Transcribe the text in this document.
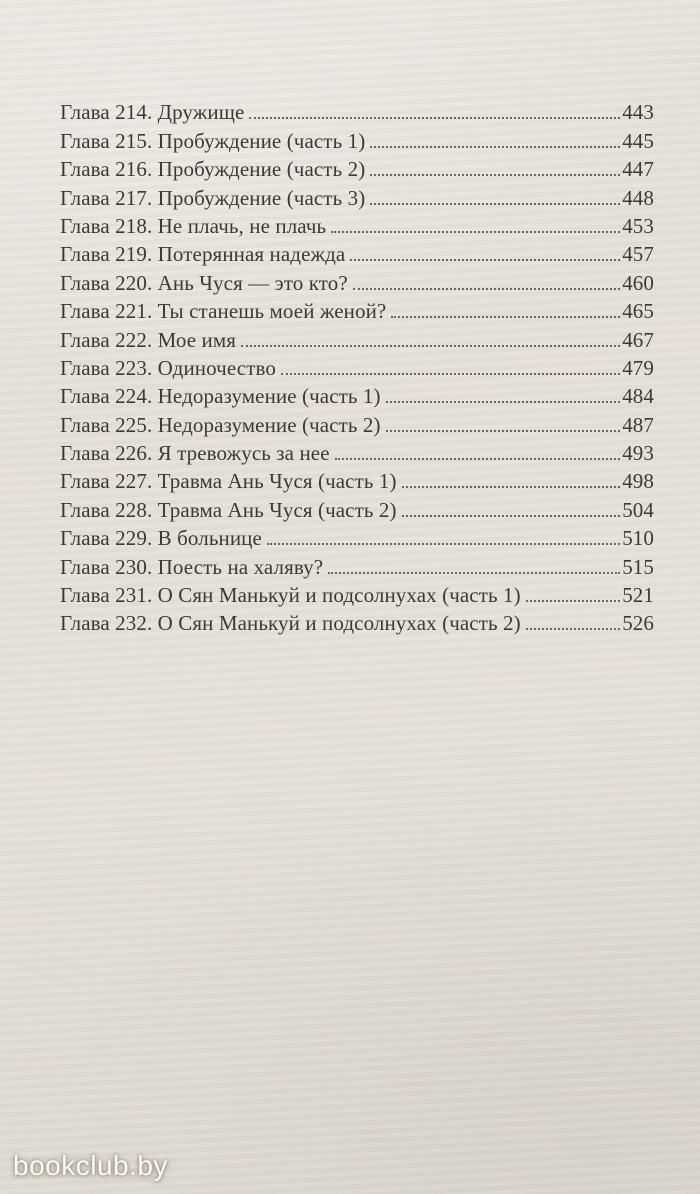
Глава 214. Дружище	443
Глава 215. Пробуждение (часть 1)	445
Глава 216. Пробуждение (часть 2)	447
Глава 217. Пробуждение (часть 3)	448
Глава 218. Не плачь, не плачь	453
Глава 219. Потерянная надежда	457
Глава 220. Ань Чуся — это кто?	460
Глава 221. Ты станешь моей женой?	465
Глава 222. Мое имя	467
Глава 223. Одиночество	479
Глава 224. Недоразумение (часть 1)	484
Глава 225. Недоразумение (часть 2)	487
Глава 226. Я тревожусь за нее	493
Глава 227. Травма Ань Чуся (часть 1)	498
Глава 228. Травма Ань Чуся (часть 2)	504
Глава 229. В больнице	510
Глава 230. Поесть на халяву?	515
Глава 231. О Сян Манькуй и подсолнухах (часть 1)	521
Глава 232. О Сян Манькуй и подсолнухах (часть 2)	526
bookclub.by
